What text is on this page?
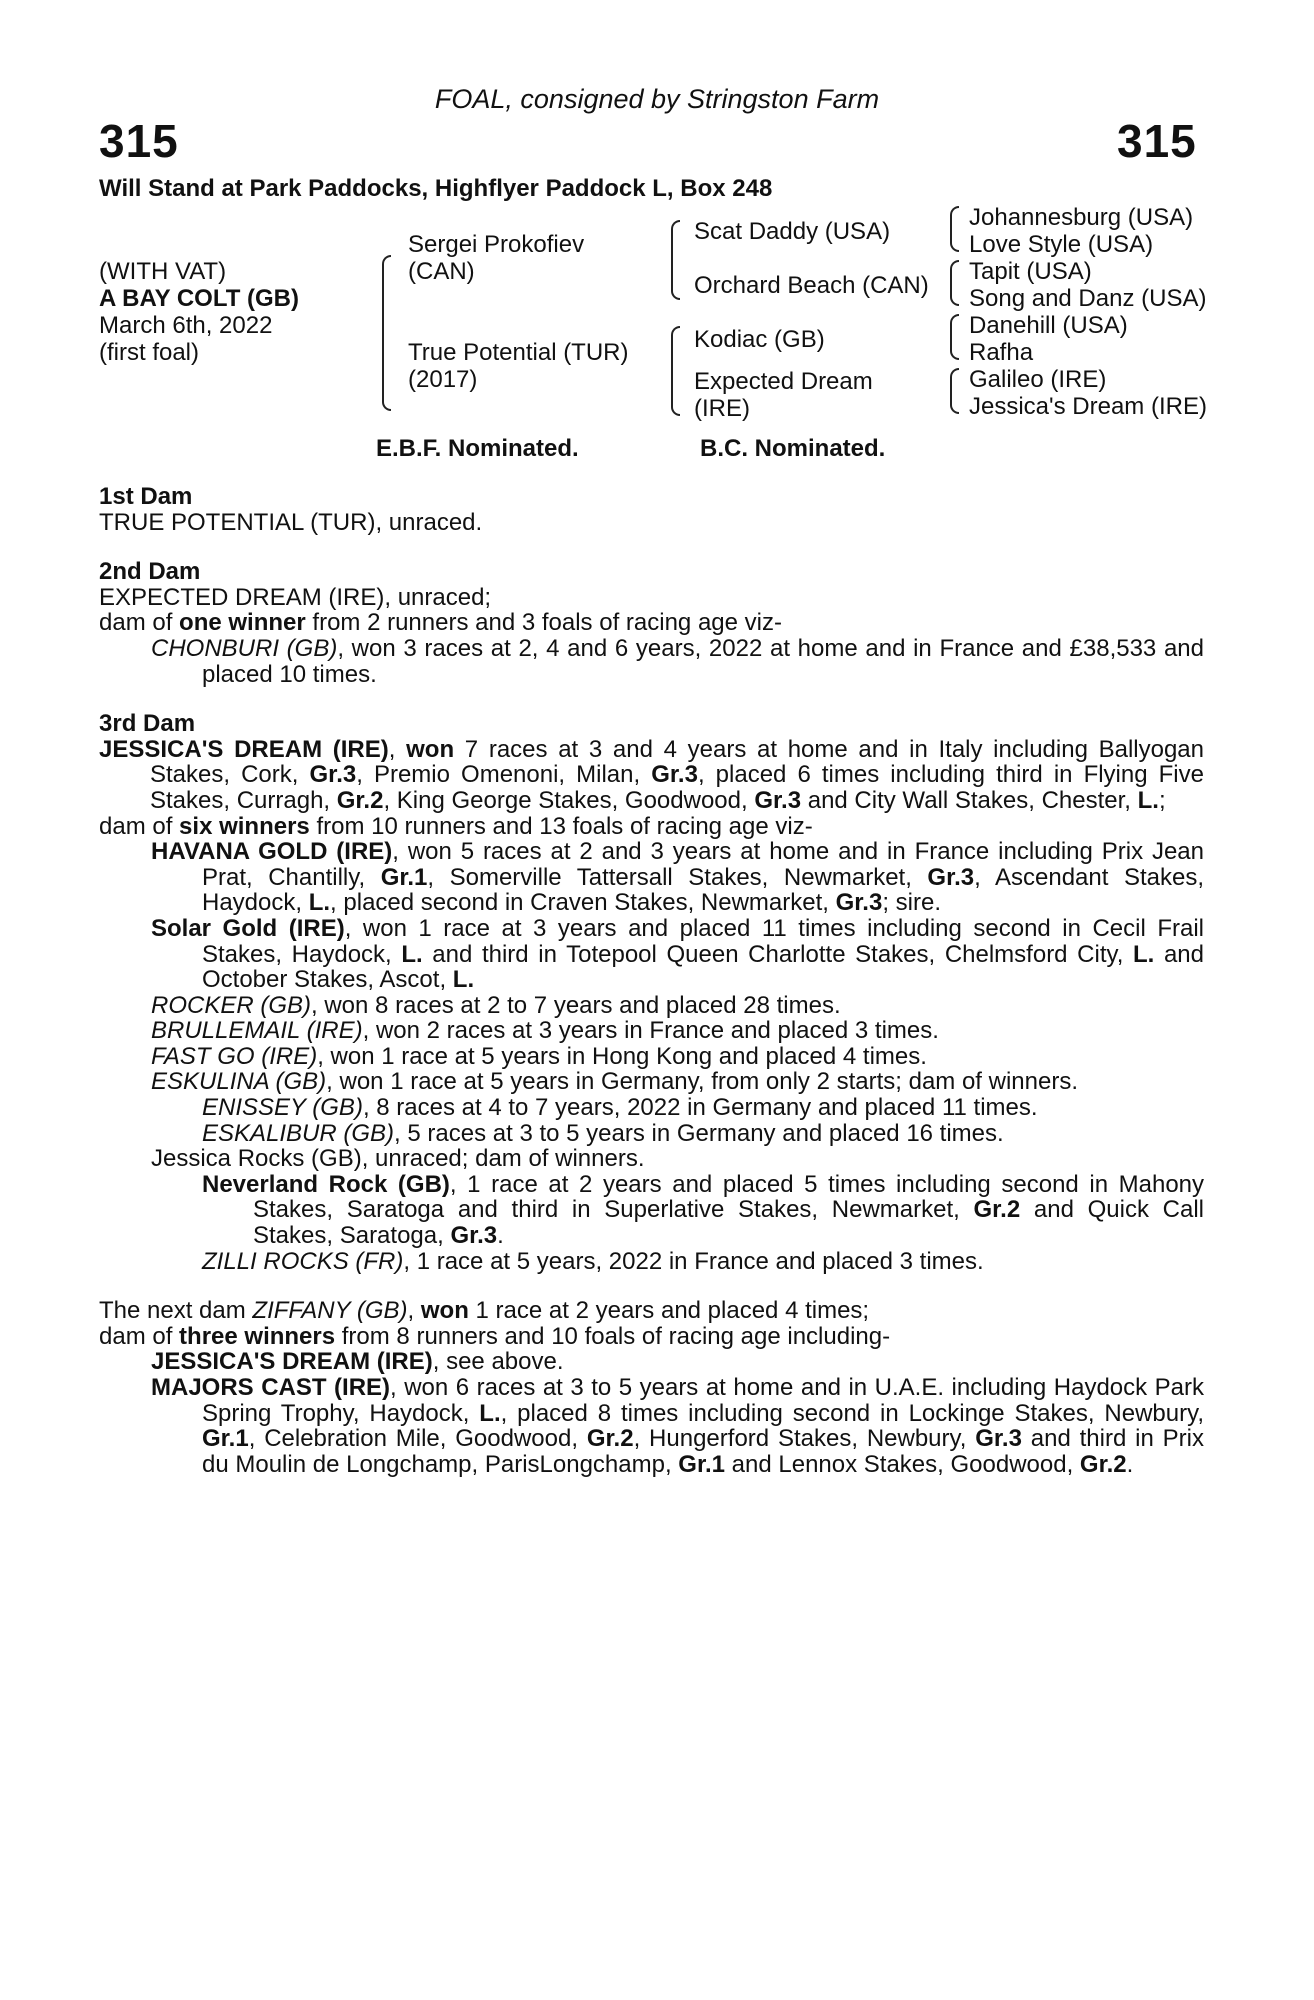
FOAL, consigned by Stringston Farm
315	315
Will Stand at Park Paddocks, Highflyer Paddock L, Box 248
(WITH VAT)
A BAY COLT (GB)
March 6th, 2022
(first foal)
Sergei Prokofiev
(CAN)
True Potential (TUR)
(2017)
Scat Daddy (USA)
Orchard Beach (CAN)
Kodiac (GB)
Expected Dream
(IRE)
Johannesburg (USA)
Love Style (USA)
Tapit (USA)
Song and Danz (USA)
Danehill (USA)
Rafha
Galileo (IRE)
Jessica's Dream (IRE)
E.B.F. Nominated.	B.C. Nominated.

1st Dam

TRUE POTENTIAL (TUR), unraced.

2nd Dam

EXPECTED DREAM (IRE), unraced;

dam of one winner from 2 runners and 3 foals of racing age viz-

CHONBURI (GB), won 3 races at 2, 4 and 6 years, 2022 at home and in France and £38,533 and placed 10 times.

3rd Dam

JESSICA'S DREAM (IRE), won 7 races at 3 and 4 years at home and in Italy including Ballyogan Stakes, Cork, Gr.3, Premio Omenoni, Milan, Gr.3, placed 6 times including third in Flying Five Stakes, Curragh, Gr.2, King George Stakes, Goodwood, Gr.3 and City Wall Stakes, Chester, L.;

dam of six winners from 10 runners and 13 foals of racing age viz-

HAVANA GOLD (IRE), won 5 races at 2 and 3 years at home and in France including Prix Jean Prat, Chantilly, Gr.1, Somerville Tattersall Stakes, Newmarket, Gr.3, Ascendant Stakes, Haydock, L., placed second in Craven Stakes, Newmarket, Gr.3; sire.

Solar Gold (IRE), won 1 race at 3 years and placed 11 times including second in Cecil Frail Stakes, Haydock, L. and third in Totepool Queen Charlotte Stakes, Chelmsford City, L. and October Stakes, Ascot, L.

ROCKER (GB), won 8 races at 2 to 7 years and placed 28 times.

BRULLEMAIL (IRE), won 2 races at 3 years in France and placed 3 times.

FAST GO (IRE), won 1 race at 5 years in Hong Kong and placed 4 times.

ESKULINA (GB), won 1 race at 5 years in Germany, from only 2 starts; dam of winners.

ENISSEY (GB), 8 races at 4 to 7 years, 2022 in Germany and placed 11 times.

ESKALIBUR (GB), 5 races at 3 to 5 years in Germany and placed 16 times.

Jessica Rocks (GB), unraced; dam of winners.

Neverland Rock (GB), 1 race at 2 years and placed 5 times including second in Mahony Stakes, Saratoga and third in Superlative Stakes, Newmarket, Gr.2 and Quick Call Stakes, Saratoga, Gr.3.

ZILLI ROCKS (FR), 1 race at 5 years, 2022 in France and placed 3 times.

The next dam ZIFFANY (GB), won 1 race at 2 years and placed 4 times;

dam of three winners from 8 runners and 10 foals of racing age including-

JESSICA'S DREAM (IRE), see above.

MAJORS CAST (IRE), won 6 races at 3 to 5 years at home and in U.A.E. including Haydock Park Spring Trophy, Haydock, L., placed 8 times including second in Lockinge Stakes, Newbury, Gr.1, Celebration Mile, Goodwood, Gr.2, Hungerford Stakes, Newbury, Gr.3 and third in Prix du Moulin de Longchamp, ParisLongchamp, Gr.1 and Lennox Stakes, Goodwood, Gr.2.
